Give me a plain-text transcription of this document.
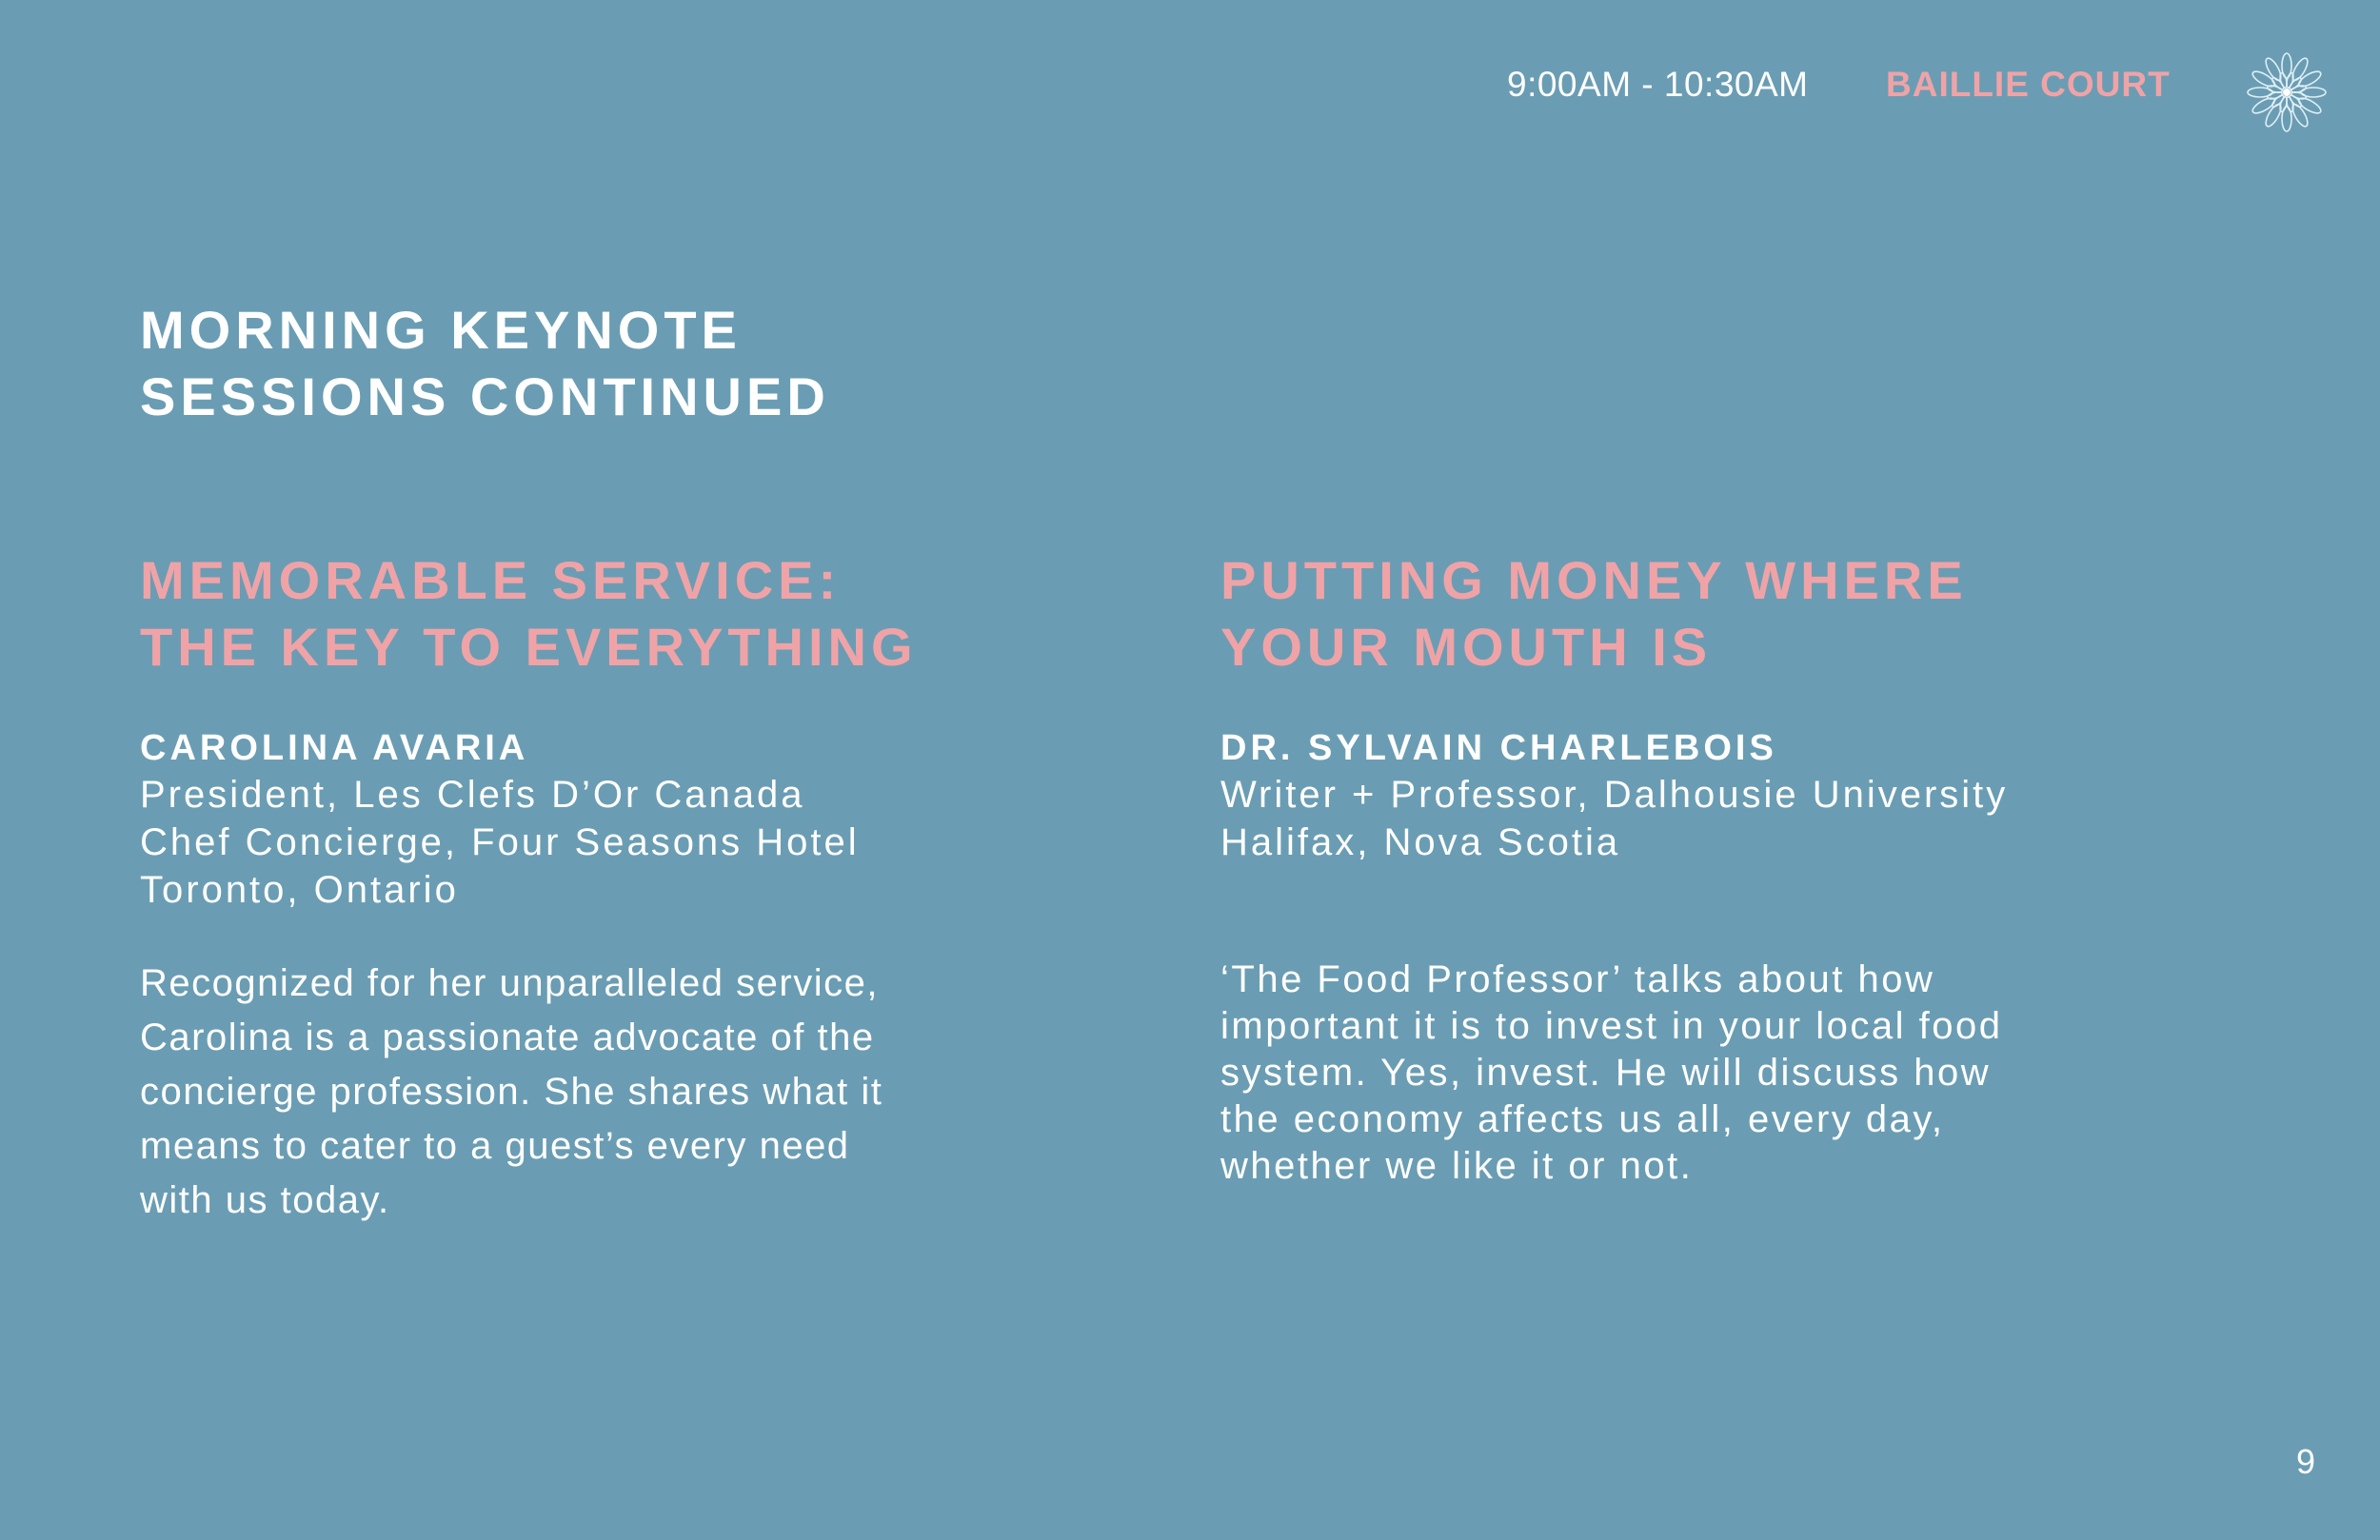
9:00AM - 10:30AM BAILLIE COURT
MORNING KEYNOTE
SESSIONS CONTINUED
MEMORABLE SERVICE:
THE KEY TO EVERYTHING
CAROLINA AVARIA
President, Les Clefs D’Or Canada
Chef Concierge, Four Seasons Hotel
Toronto, Ontario
Recognized for her unparalleled service,
Carolina is a passionate advocate of the
concierge profession. She shares what it
means to cater to a guest’s every need
with us today.
PUTTING MONEY WHERE
YOUR MOUTH IS
DR. SYLVAIN CHARLEBOIS
Writer + Professor, Dalhousie University
Halifax, Nova Scotia
‘The Food Professor’ talks about how
important it is to invest in your local food
system. Yes, invest. He will discuss how
the economy affects us all, every day,
whether we like it or not.
9
